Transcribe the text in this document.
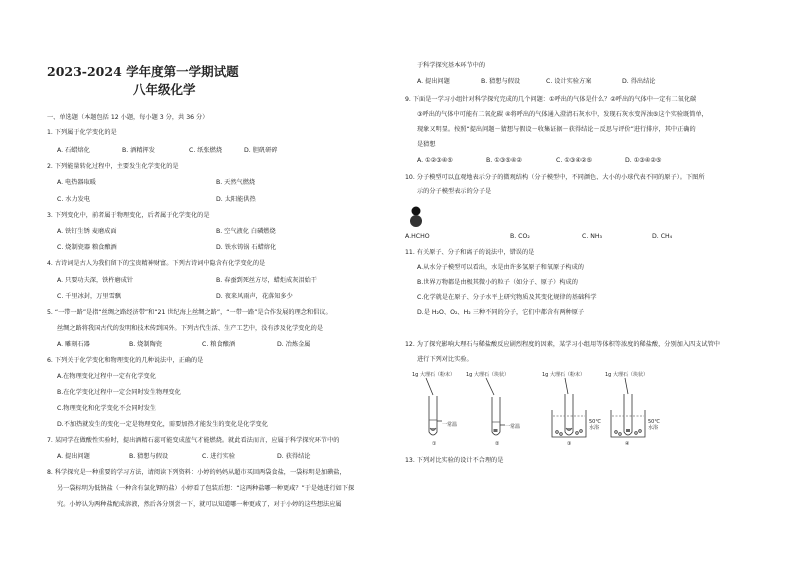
2023-2024 学年度第一学期试题
八年级化学
一、单选题（本题包括 12 小题，每小题 3 分，共 36 分）
1. 下列属于化学变化的是
A. 石蜡熔化	B. 酒精挥发	C. 纸张燃烧	D. 胆矾研碎
2. 下列能量转化过程中，主要发生化学变化的是
A. 电热器取暖	B. 天然气燃烧
C. 水力发电	D. 太阳能供热
3. 下列变化中，前者属于物理变化，后者属于化学变化的是
A. 铁钉生锈 麦磨成面	B. 空气液化 白磷燃烧
C. 烧制瓷器 粮食酿酒	D. 铁水铸锅 石蜡熔化
4. 古诗词是古人为我们留下的宝贵精神财富。下列古诗词中隐含有化学变化的是
A. 只要功夫深，铁杵磨成针	B. 春蚕到死丝方尽，蜡炬成灰泪始干
C. 千里冰封，万里雪飘	D. 夜来风雨声，花落知多少
5. “一带一路”是指“丝绸之路经济带”和“21 世纪海上丝绸之路”，“一带一路”是合作发展的理念和倡议。
丝绸之路将我国古代的发明和技术传到国外。下列古代生活、生产工艺中，没有涉及化学变化的是
A. 雕刻石器	B. 烧制陶瓷	C. 粮食酿酒	D. 冶炼金属
6. 下列关于化学变化和物理变化的几种说法中，正确的是
A.在物理变化过程中一定有化学变化
B.在化学变化过程中一定会同时发生物理变化
C.物理变化和化学变化不会同时发生
D.不加热就发生的变化一定是物理变化，需要加热才能发生的变化是化学变化
7. 某同学在做酸性实验时，提出酒精石蕊可能变成蓝气才能燃烧。就此看法而言，应属于科学探究环节中的
A. 提出问题	B. 猜想与假设	C. 进行实验	D. 获得结论
8. 科学探究是一种重要的学习方法，请阅读下列资料：小婷的妈妈从超市买回两袋食盐，一袋标明是加碘盐，
另一袋标明为低钠盐（一种含有氯化钾的盐）小婷看了包装后想：“这两种盐哪一种更咸？”于是她进行如下探
究。小婷认为两种盐配成溶液，然后各分别尝一下，就可以知道哪一种更咸了，对于小婷的这些想法应属
于科学探究基本环节中的
A. 提出问题	B. 猜想与假设	C. 设计实验方案	D. 得出结论
9. 下面是一学习小组针对科学探究完成的几个问题：①呼出的气体是什么？②呼出的气体中一定有二氧化碳
③呼出的气体中可能有二氧化碳 ④将呼出的气体通入澄清石灰水中，发现石灰水变浑浊⑤这个实验既简单，
现象又明显。按照“提出问题－猜想与假设－收集证据－获得结论－反思与评价”进行排序，其中正确的
是猜想
A. ①②③④⑤	B. ①③⑤④②	C. ①③④②⑤	D. ①③④②⑤
10. 分子模型可以直观地表示分子的微观结构（分子模型中，不同颜色、大小的小球代表不同的原子）。下图所
示的分子模型表示的分子是
A.HCHO	B. CO₂	C. NH₃	D. CH₄
11. 有关原子、分子和离子的说法中，错误的是
A.从水分子模型可以看出，水是由许多氢原子和氧原子构成的
B.世界万物都是由极其微小的粒子（如分子、原子）构成的
C.化学就是在原子、分子水平上研究物质及其变化规律的基础科学
D.是 H₂O、O₂、H₂ 三种不同的分子，它们中都含有两种原子
12. 为了探究影响大理石与稀盐酸反应剧烈程度的因素，某学习小组用等体积等浓度的稀盐酸，分别加入四支试管中
进行下列对比实验。
1g 大理石（粉末） 1g 大理石（块状）	1g 大理石（粉末）	1g 大理石（块状）
一常温	一常温
50℃ 水浴
50℃ 水浴
①	②	③	④
13. 下列对比实验的设计不合理的是
